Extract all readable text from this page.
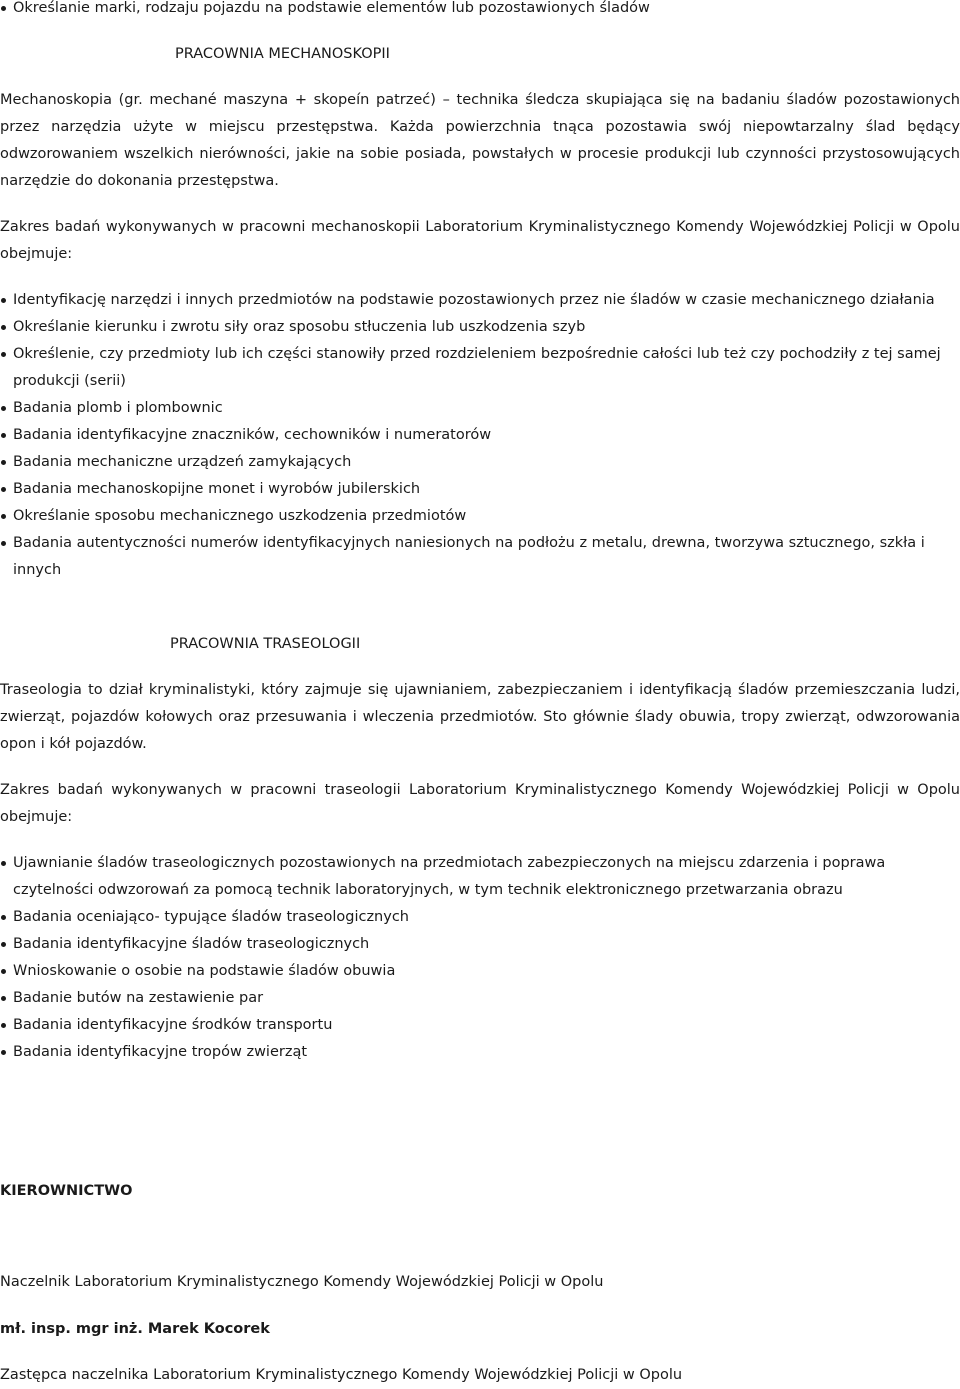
Określanie marki, rodzaju pojazdu na podstawie elementów lub pozostawionych śladów
PRACOWNIA MECHANOSKOPII

Mechanoskopia (gr. mechané maszyna + skopeín patrzeć) – technika śledcza skupiająca się na badaniu śladów pozostawionych przez narzędzia użyte w miejscu przestępstwa. Każda powierzchnia tnąca pozostawia swój niepowtarzalny ślad będący odwzorowaniem wszelkich nierówności, jakie na sobie posiada, powstałych w procesie produkcji lub czynności przystosowujących narzędzie do dokonania przestępstwa.

Zakres badań wykonywanych w pracowni mechanoskopii Laboratorium Kryminalistycznego Komendy Wojewódzkiej Policji w Opolu obejmuje:

Identyfikację narzędzi i innych przedmiotów na podstawie pozostawionych przez nie śladów w czasie mechanicznego działania
Określanie kierunku i zwrotu siły oraz sposobu stłuczenia lub uszkodzenia szyb
Określenie, czy przedmioty lub ich części stanowiły przed rozdzieleniem bezpośrednie całości lub też czy pochodziły z tej samej produkcji (serii)
Badania plomb i plombownic
Badania identyfikacyjne znaczników, cechowników i numeratorów
Badania mechaniczne urządzeń zamykających
Badania mechanoskopijne monet i wyrobów jubilerskich
Określanie sposobu mechanicznego uszkodzenia przedmiotów
Badania autentyczności numerów identyfikacyjnych naniesionych na podłożu z metalu, drewna, tworzywa sztucznego, szkła i innych
PRACOWNIA TRASEOLOGII

Traseologia to dział kryminalistyki, który zajmuje się ujawnianiem, zabezpieczaniem i identyfikacją śladów przemieszczania ludzi, zwierząt, pojazdów kołowych oraz przesuwania i wleczenia przedmiotów. Sto głównie ślady obuwia, tropy zwierząt, odwzorowania opon i kół pojazdów.

Zakres badań wykonywanych w pracowni traseologii Laboratorium Kryminalistycznego Komendy Wojewódzkiej Policji w Opolu obejmuje:

Ujawnianie śladów traseologicznych pozostawionych na przedmiotach zabezpieczonych na miejscu zdarzenia i poprawa czytelności odwzorowań za pomocą technik laboratoryjnych, w tym technik elektronicznego przetwarzania obrazu
Badania oceniająco- typujące śladów traseologicznych
Badania identyfikacyjne śladów traseologicznych
Wnioskowanie o osobie na podstawie śladów obuwia
Badanie butów na zestawienie par
Badania identyfikacyjne środków transportu
Badania identyfikacyjne tropów zwierząt

KIEROWNICTWO

Naczelnik Laboratorium Kryminalistycznego Komendy Wojewódzkiej Policji w Opolu

mł. insp. mgr inż. Marek Kocorek

Zastępca naczelnika Laboratorium Kryminalistycznego Komendy Wojewódzkiej Policji w Opolu
